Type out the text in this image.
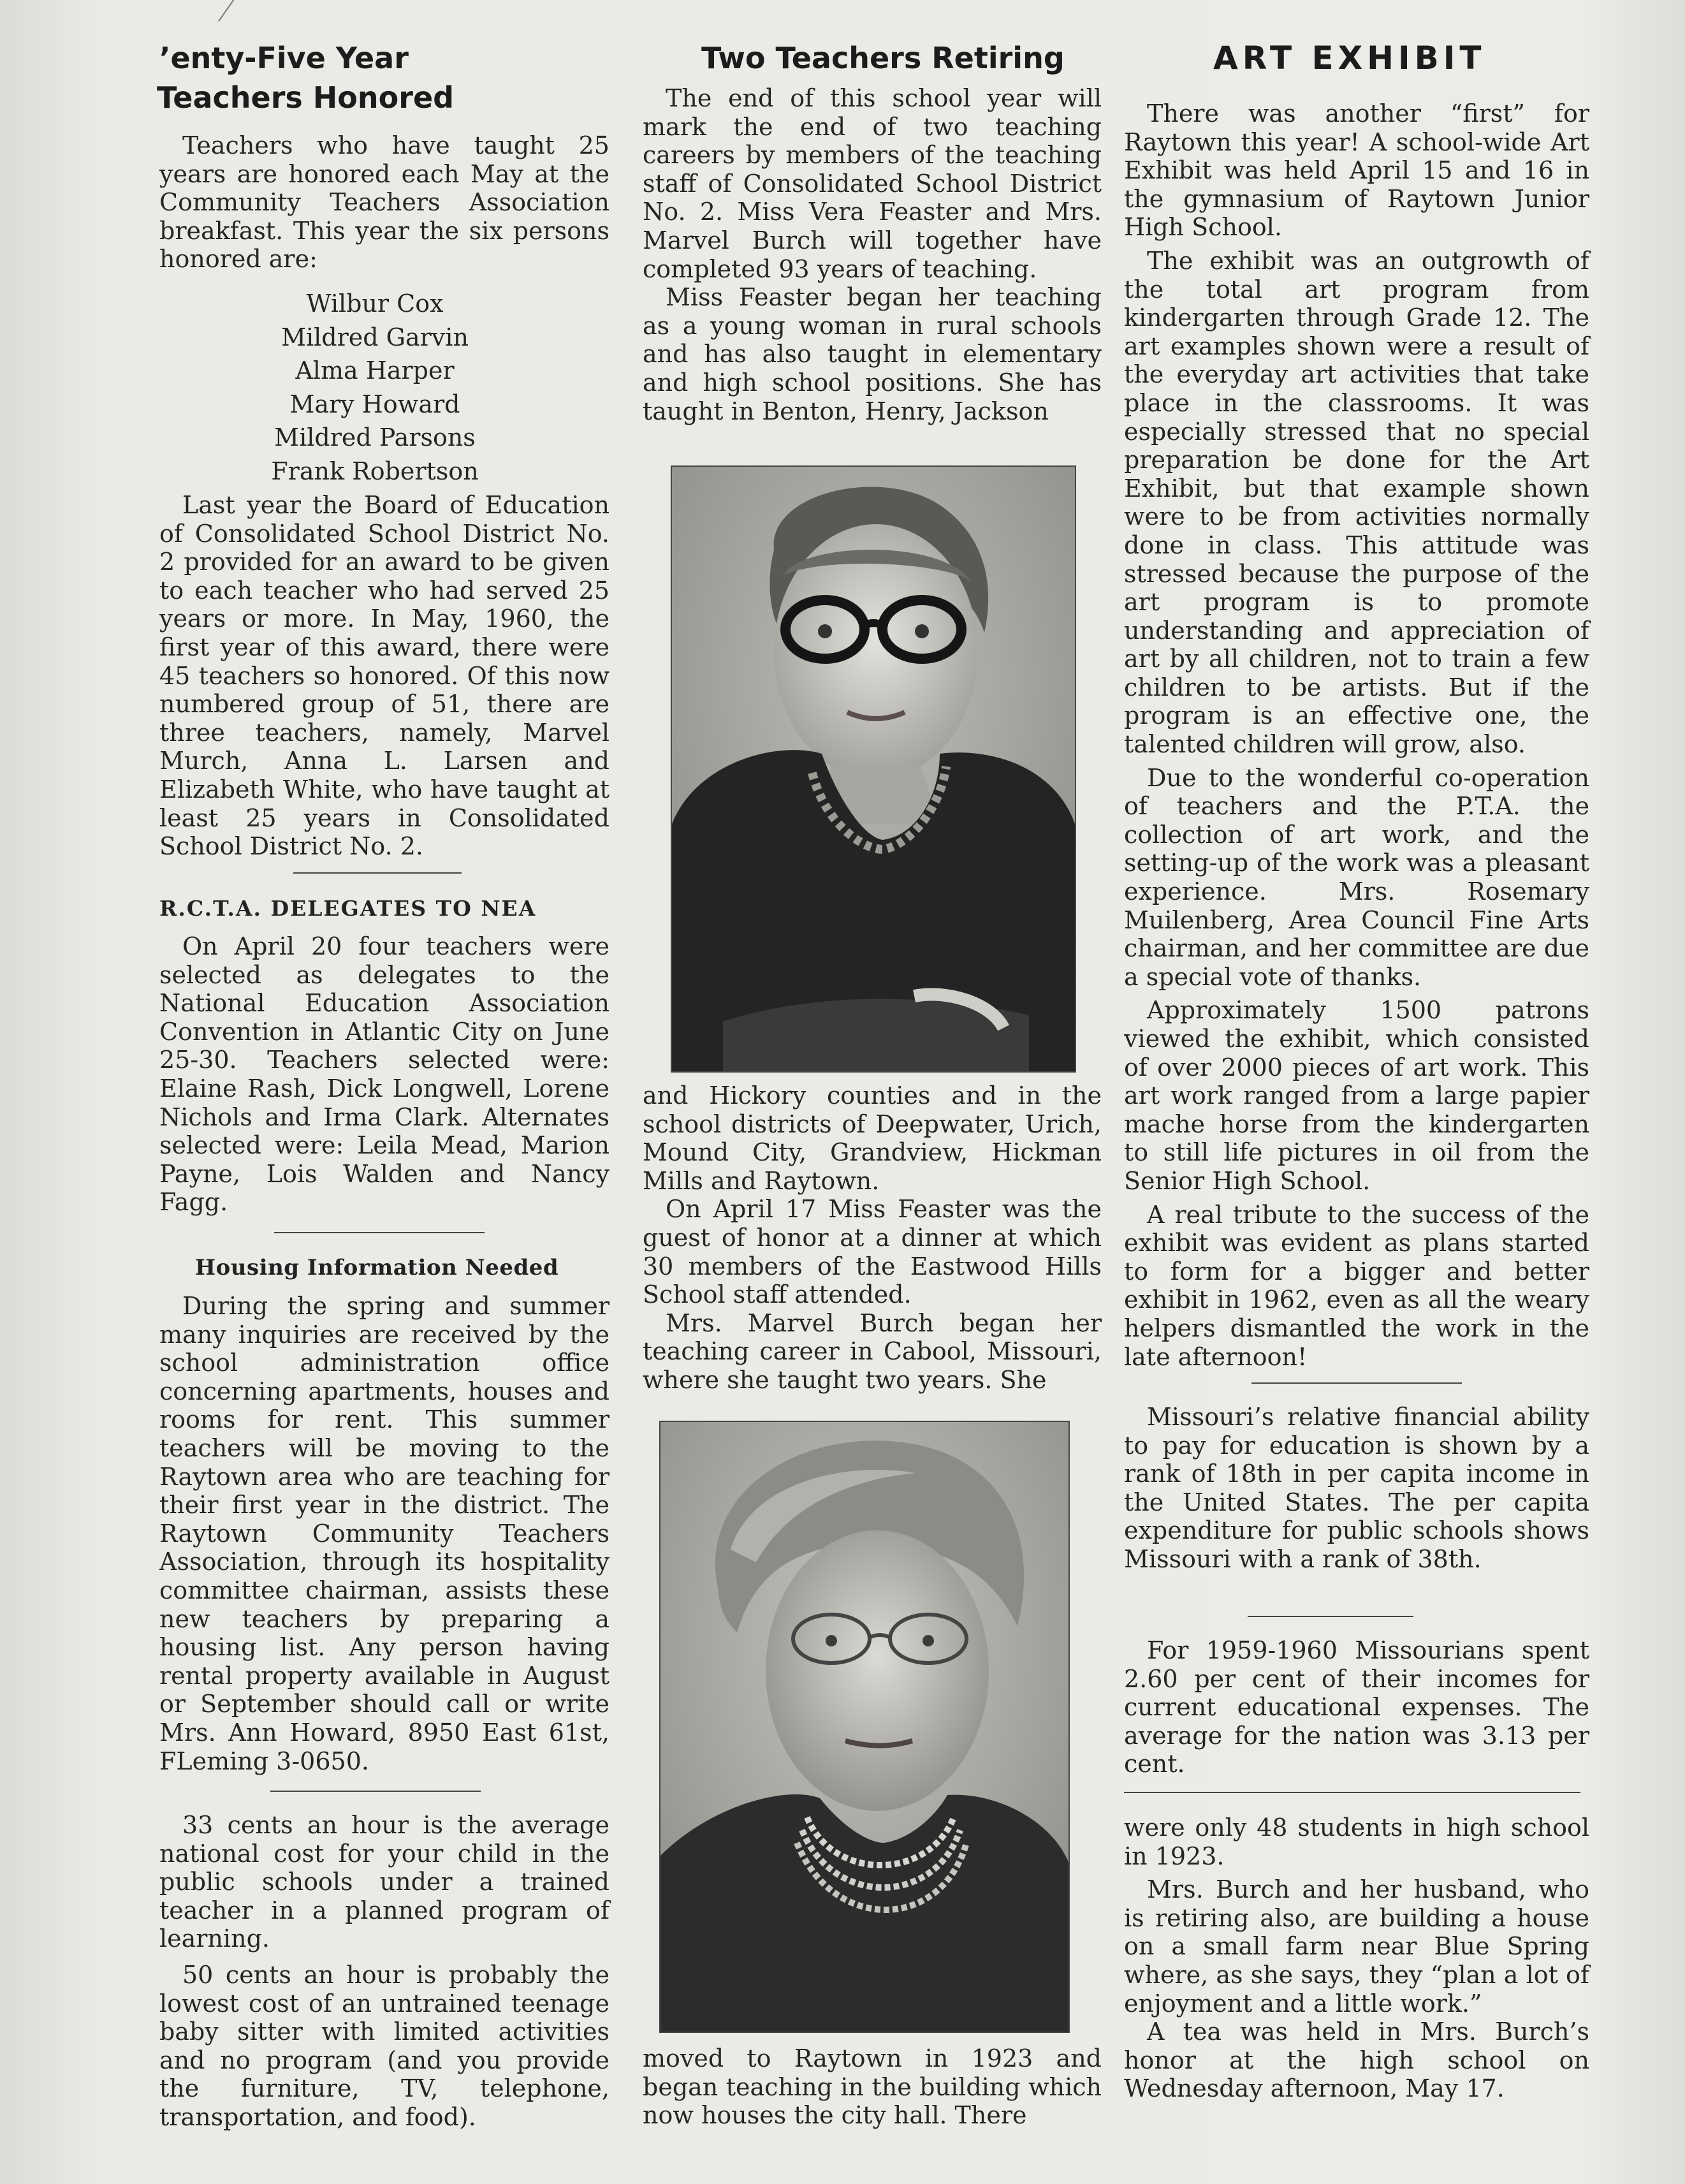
’enty-Five Year
Teachers Honored

Teachers who have taught 25 years are honored each May at the Community Teachers Association breakfast. This year the six persons honored are:

Wilbur Cox
Mildred Garvin
Alma Harper
Mary Howard
Mildred Parsons
Frank Robertson

Last year the Board of Education of Consolidated School District No. 2 provided for an award to be given to each teacher who had served 25 years or more. In May, 1960, the first year of this award, there were 45 teachers so honored. Of this now numbered group of 51, there are three teachers, namely, Marvel Murch, Anna L. Larsen and Elizabeth White, who have taught at least 25 years in Consolidated School District No. 2.

R.C.T.A. DELEGATES TO NEA

On April 20 four teachers were selected as delegates to the National Education Association Convention in Atlantic City on June 25-30. Teachers selected were: Elaine Rash, Dick Longwell, Lorene Nichols and Irma Clark. Alternates selected were: Leila Mead, Marion Payne, Lois Walden and Nancy Fagg.

Housing Information Needed

During the spring and summer many inquiries are received by the school administration office concerning apartments, houses and rooms for rent. This summer teachers will be moving to the Raytown area who are teaching for their first year in the district. The Raytown Community Teachers Association, through its hospitality committee chairman, assists these new teachers by preparing a housing list. Any person having rental property available in August or September should call or write Mrs. Ann Howard, 8950 East 61st, FLeming 3-0650.

33 cents an hour is the average national cost for your child in the public schools under a trained teacher in a planned program of learning.

50 cents an hour is probably the lowest cost of an untrained teenage baby sitter with limited activities and no program (and you provide the furniture, TV, telephone, transportation, and food).

Two Teachers Retiring

The end of this school year will mark the end of two teaching careers by members of the teaching staff of Consolidated School District No. 2. Miss Vera Feaster and Mrs. Marvel Burch will together have completed 93 years of teaching.

Miss Feaster began her teaching as a young woman in rural schools and has also taught in elementary and high school positions. She has taught in Benton, Henry, Jackson

and Hickory counties and in the school districts of Deepwater, Urich, Mound City, Grandview, Hickman Mills and Raytown.

On April 17 Miss Feaster was the guest of honor at a dinner at which 30 members of the Eastwood Hills School staff attended.

Mrs. Marvel Burch began her teaching career in Cabool, Missouri, where she taught two years. She

moved to Raytown in 1923 and began teaching in the building which now houses the city hall. There

ART EXHIBIT

There was another “first” for Raytown this year! A school-wide Art Exhibit was held April 15 and 16 in the gymnasium of Raytown Junior High School.

The exhibit was an outgrowth of the total art program from kindergarten through Grade 12. The art examples shown were a result of the everyday art activities that take place in the classrooms. It was especially stressed that no special preparation be done for the Art Exhibit, but that example shown were to be from activities normally done in class. This attitude was stressed because the purpose of the art program is to promote understanding and appreciation of art by all children, not to train a few children to be artists. But if the program is an effective one, the talented children will grow, also.

Due to the wonderful co-operation of teachers and the P.T.A. the collection of art work, and the setting-up of the work was a pleasant experience. Mrs. Rosemary Muilenberg, Area Council Fine Arts chairman, and her committee are due a special vote of thanks.

Approximately 1500 patrons viewed the exhibit, which consisted of over 2000 pieces of art work. This art work ranged from a large papier mache horse from the kindergarten to still life pictures in oil from the Senior High School.

A real tribute to the success of the exhibit was evident as plans started to form for a bigger and better exhibit in 1962, even as all the weary helpers dismantled the work in the late afternoon!

Missouri’s relative financial ability to pay for education is shown by a rank of 18th in per capita income in the United States. The per capita expenditure for public schools shows Missouri with a rank of 38th.

For 1959-1960 Missourians spent 2.60 per cent of their incomes for current educational expenses. The average for the nation was 3.13 per cent.

were only 48 students in high school in 1923.

Mrs. Burch and her husband, who is retiring also, are building a house on a small farm near Blue Spring where, as she says, they “plan a lot of enjoyment and a little work.”

A tea was held in Mrs. Burch’s honor at the high school on Wednesday afternoon, May 17.
